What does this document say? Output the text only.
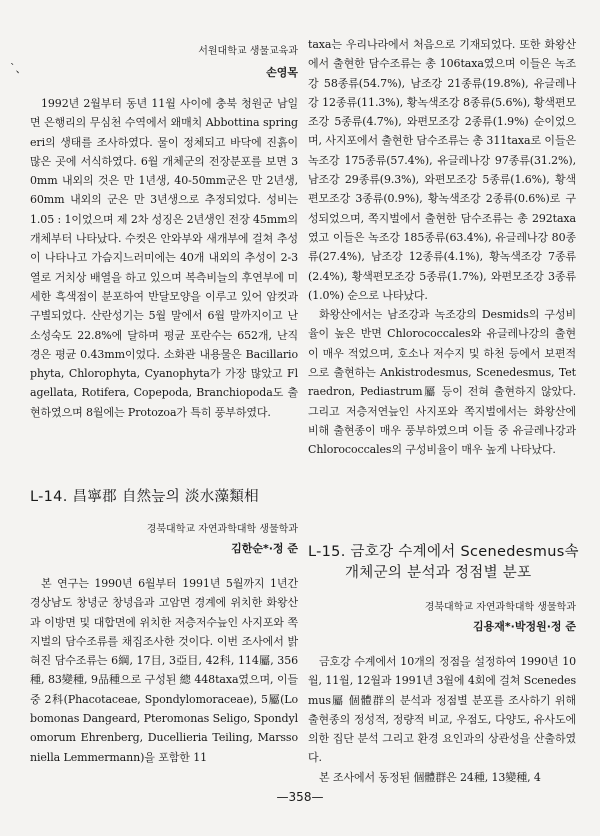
서원대학교 생물교육과
`、	손영목

1992년 2월부터 동년 11월 사이에 충북 청원군 남일면 은행리의 무심천 수역에서 왜매치 Abbottina springeri의 생태를 조사하였다. 물이 정체되고 바닥에 진흙이 많은 곳에 서식하였다. 6월 개체군의 전장분포를 보면 30mm 내외의 것은 만 1년생, 40-50mm군은 만 2년생, 60mm 내외의 군은 만 3년생으로 추정되었다. 성비는 1.05 : 1이었으며 제 2차 성징은 2년생인 전장 45mm의 개체부터 나타났다. 수컷은 안와부와 새개부에 걸쳐 추성이 나타나고 가슴지느러미에는 40개 내외의 추성이 2-3열로 거치상 배열을 하고 있으며 복측비늘의 후연부에 미세한 흑색점이 분포하여 반달모양을 이루고 있어 암컷과 구별되었다. 산란성기는 5월 말에서 6월 말까지이고 난소성숙도 22.8%에 달하며 평균 포란수는 652개, 난직경은 평균 0.43mm이었다. 소화관 내용물은 Bacillariophyta, Chlorophyta, Cyanophyta가 가장 많았고 Flagellata, Rotifera, Copepoda, Branchiopoda도 출현하였으며 8월에는 Protozoa가 특히 풍부하였다.

L-14. 昌寧郡 自然늪의 淡水藻類相
경북대학교 자연과학대학 생물학과
김한순*·정 준

본 연구는 1990년 6월부터 1991년 5월까지 1년간 경상남도 창녕군 창녕읍과 고암면 경계에 위치한 화왕산과 이방면 및 대합면에 위치한 저층저수늪인 사지포와 쪽지벌의 담수조류를 채집조사한 것이다. 이번 조사에서 밝혀진 담수조류는 6綱, 17目, 3亞目, 42科, 114屬, 356種, 83變種, 9品種으로 구성된 總 448taxa였으며, 이들 중 2科(Phacotaceae, Spondylomoraceae), 5屬(Lobomonas Dangeard, Pteromonas Seligo, Spondylomorum Ehrenberg, Ducellieria Teiling, Marssoniella Lemmermann)을 포함한 11

taxa는 우리나라에서 처음으로 기재되었다. 또한 화왕산에서 출현한 담수조류는 총 106taxa였으며 이들은 녹조강 58종류(54.7%), 남조강 21종류(19.8%), 유글레나강 12종류(11.3%), 황녹색조강 8종류(5.6%), 황색편모조강 5종류(4.7%), 와편모조강 2종류(1.9%) 순이었으며, 사지포에서 출현한 담수조류는 총 311taxa로 이들은 녹조강 175종류(57.4%), 유글레나강 97종류(31.2%), 남조강 29종류(9.3%), 와편모조강 5종류(1.6%), 황색편모조강 3종류(0.9%), 황녹색조강 2종류(0.6%)로 구성되었으며, 쪽지벌에서 출현한 담수조류는 총 292taxa였고 이들은 녹조강 185종류(63.4%), 유글레나강 80종류(27.4%), 남조강 12종류(4.1%), 황녹색조강 7종류(2.4%), 황색편모조강 5종류(1.7%), 와편모조강 3종류(1.0%) 순으로 나타났다.

화왕산에서는 남조강과 녹조강의 Desmids의 구성비율이 높은 반면 Chlorococcales와 유글레나강의 출현이 매우 적었으며, 호소나 저수지 및 하천 등에서 보편적으로 출현하는 Ankistrodesmus, Scenedesmus, Tetraedron, Pediastrum屬 등이 전혀 출현하지 않았다. 그리고 저층저연늪인 사지포와 쪽지벌에서는 화왕산에 비해 출현종이 매우 풍부하였으며 이들 중 유글레나강과 Chlorococcales의 구성비율이 매우 높게 나타났다.

L-15. 금호강 수계에서 Scenedesmus속
개체군의 분석과 정점별 분포
경북대학교 자연과학대학 생물학과
김용재*·박정원·정 준

금호강 수계에서 10개의 정점을 설정하여 1990년 10월, 11월, 12월과 1991년 3월에 4회에 걸쳐 Scenedesmus屬 個體群의 분석과 정점별 분포를 조사하기 위해 출현종의 정성적, 정량적 비교, 우점도, 다양도, 유사도에 의한 집단 분석 그리고 환경 요인과의 상관성을 산출하였다.

본 조사에서 동정된 個體群은 24種, 13變種, 4

—358—
